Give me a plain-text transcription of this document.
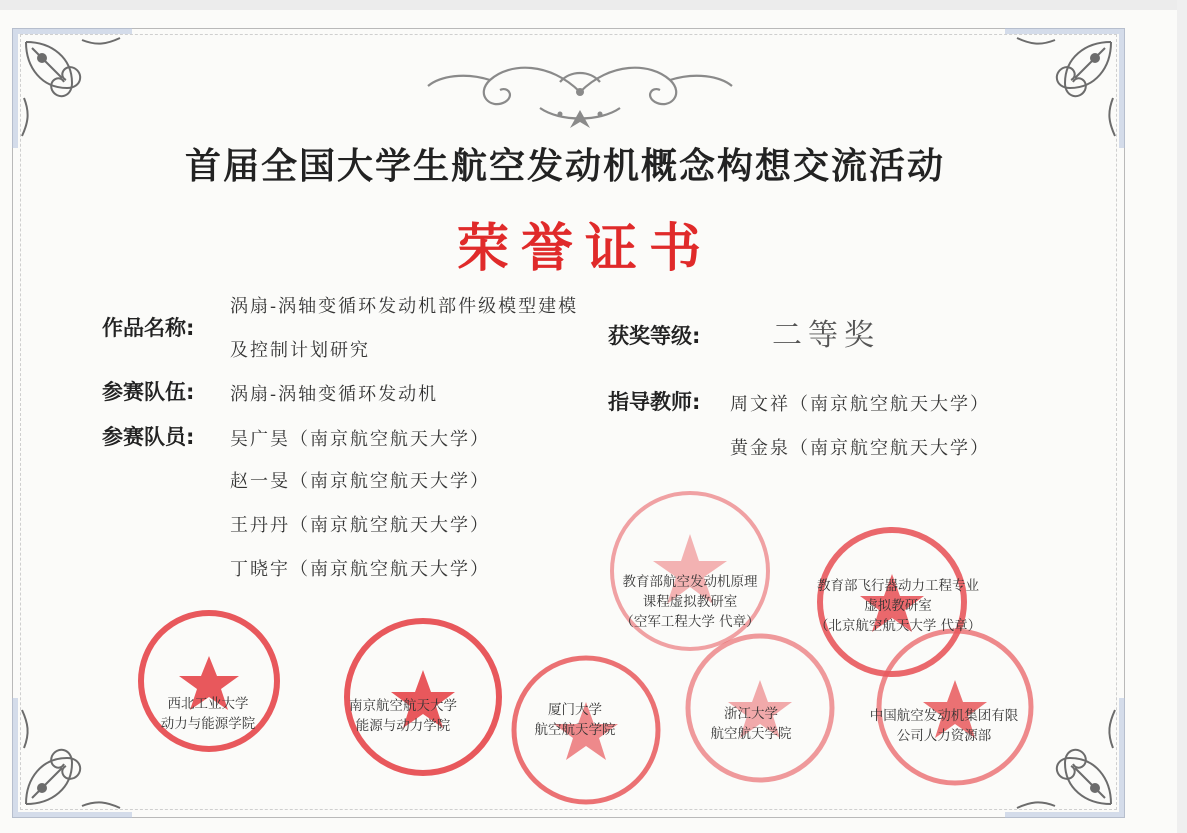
首届全国大学生航空发动机概念构想交流活动
荣誉证书
作品名称:
涡扇-涡轴变循环发动机部件级模型建模
及控制计划研究
参赛队伍: 涡扇-涡轴变循环发动机
参赛队员: 吴广昊（南京航空航天大学）
赵一旻（南京航空航天大学）
王丹丹（南京航空航天大学）
丁晓宇（南京航空航天大学）
获奖等级: 二等奖
指导教师: 周文祥（南京航空航天大学）
黄金泉（南京航空航天大学）
教育部航空发动机原理
课程虚拟教研室
（空军工程大学 代章）
教育部飞行器动力工程专业
虚拟教研室
（北京航空航天大学 代章）
西北工业大学
动力与能源学院
南京航空航天大学
能源与动力学院
厦门大学
航空航天学院
浙江大学
航空航天学院
中国航空发动机集团有限
公司人力资源部
